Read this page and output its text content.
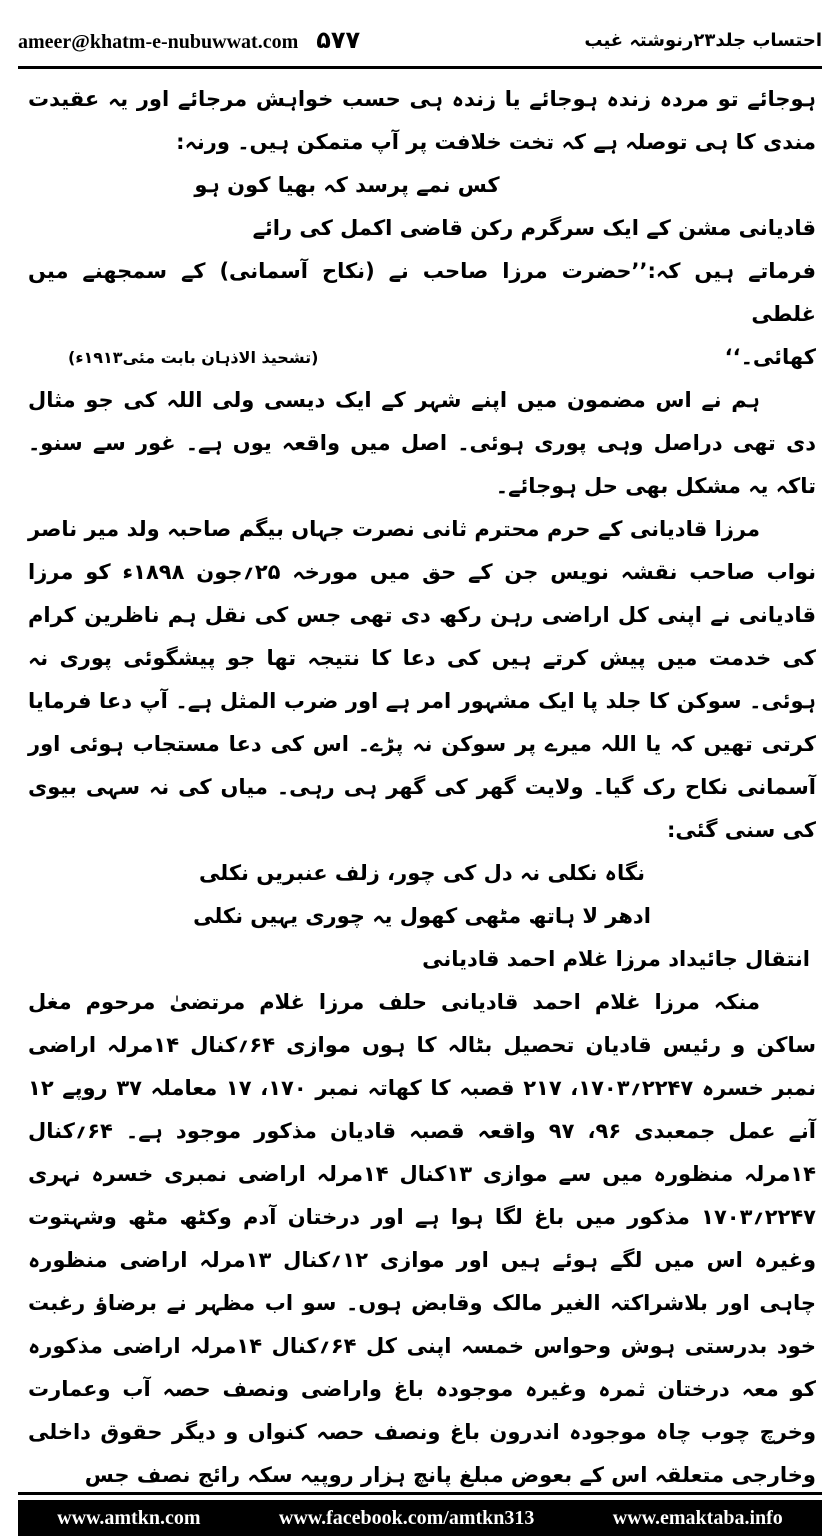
ameer@khatm-e-nubuwwat.com ۵۷۷	احتساب جلد۲۳رنوشتہ غیب

ہوجائے تو مردہ زندہ ہوجائے یا زندہ ہی حسب خواہش مرجائے اور یہ عقیدت مندی کا ہی توصلہ ہے کہ تخت خلافت پر آپ متمکن ہیں۔ ورنہ:

کس نمے پرسد کہ بھیا کون ہو

قادیانی مشن کے ایک سرگرم رکن قاضی اکمل کی رائے

فرماتے ہیں کہ:’’حضرت مرزا صاحب نے (نکاح آسمانی) کے سمجھنے میں غلطی

کھائی۔‘‘
(تشحیذ الاذہان بابت مئی۱۹۱۳ء)

ہم نے اس مضمون میں اپنے شہر کے ایک دیسی ولی اللہ کی جو مثال دی تھی دراصل وہی پوری ہوئی۔ اصل میں واقعہ یوں ہے۔ غور سے سنو۔ تاکہ یہ مشکل بھی حل ہوجائے۔

مرزا قادیانی کے حرم محترم ثانی نصرت جہاں بیگم صاحبہ ولد میر ناصر نواب صاحب نقشہ نویس جن کے حق میں مورخہ ۲۵؍جون ۱۸۹۸ء کو مرزا قادیانی نے اپنی کل اراضی رہن رکھ دی تھی جس کی نقل ہم ناظرین کرام کی خدمت میں پیش کرتے ہیں کی دعا کا نتیجہ تھا جو پیشگوئی پوری نہ ہوئی۔ سوکن کا جلد پا ایک مشہور امر ہے اور ضرب المثل ہے۔ آپ دعا فرمایا کرتی تھیں کہ یا اللہ میرے پر سوکن نہ پڑے۔ اس کی دعا مستجاب ہوئی اور آسمانی نکاح رک گیا۔ ولایت گھر کی گھر ہی رہی۔ میاں کی نہ سہی بیوی کی سنی گئی:

نگاہ نکلی نہ دل کی چور، زلف عنبریں نکلی

ادھر لا ہاتھ مٹھی کھول یہ چوری یہیں نکلی

انتقال جائیداد مرزا غلام احمد قادیانی

منکہ مرزا غلام احمد قادیانی حلف مرزا غلام مرتضیٰ مرحوم مغل ساکن و رئیس قادیان تحصیل بٹالہ کا ہوں موازی ۶۴؍کنال ۱۴مرلہ اراضی نمبر خسرہ ۲۲۴۷؍۱۷۰۳، ۲۱۷ قصبہ کا کھاتہ نمبر ۱۷۰، ۱۷ معاملہ ۳۷ روپے ۱۲ آنے عمل جمعبدی ۹۶، ۹۷ واقعہ قصبہ قادیان مذکور موجود ہے۔ ۶۴؍کنال ۱۴مرلہ منظورہ میں سے موازی ۱۳کنال ۱۴مرلہ اراضی نمبری خسرہ نہری ۲۲۴۷؍۱۷۰۳ مذکور میں باغ لگا ہوا ہے اور درختان آدم وکٹھ مٹھ وشہتوت وغیرہ اس میں لگے ہوئے ہیں اور موازی ۱۲؍کنال ۱۳مرلہ اراضی منظورہ چاہی اور بلاشراکتہ الغیر مالک وقابض ہوں۔ سو اب مظہر نے برضاؤ رغبت خود بدرستی ہوش وحواس خمسہ اپنی کل ۶۴؍کنال ۱۴مرلہ اراضی مذکورہ کو معہ درختان ثمرہ وغیرہ موجودہ باغ واراضی ونصف حصہ آب وعمارت وخرچ چوب چاہ موجودہ اندرون باغ ونصف حصہ کنواں و دیگر حقوق داخلی وخارجی متعلقہ اس کے بعوض مبلغ پانچ ہزار روپیہ سکہ رائج نصف جس

www.amtkn.com	www.facebook.com/amtkn313	www.emaktaba.info
